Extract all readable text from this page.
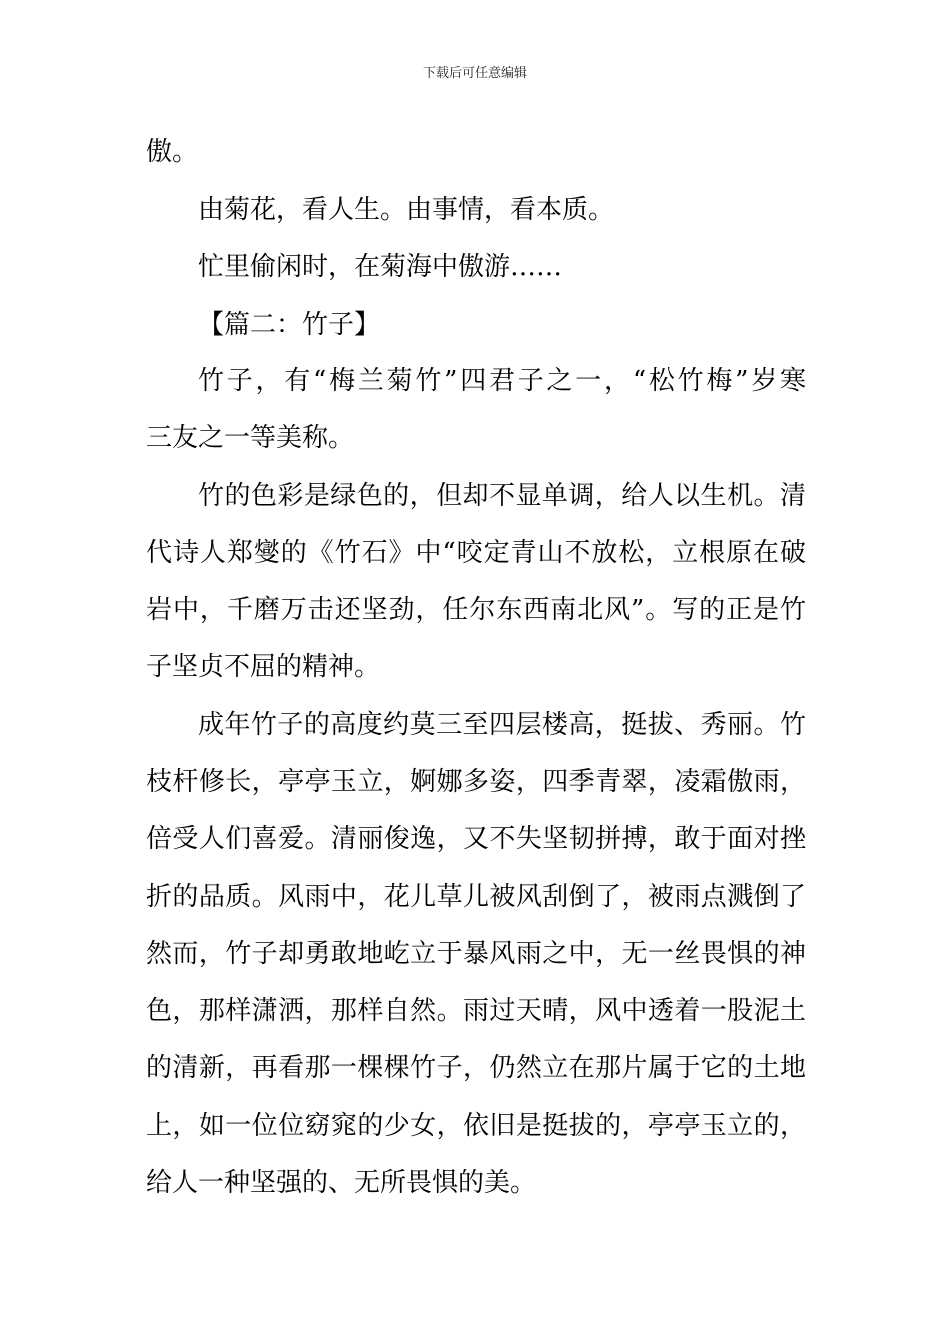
下载后可任意编辑
傲。
由菊花，看人生。由事情，看本质。
忙里偷闲时，在菊海中傲游……
【篇二：竹子】
竹子，有“梅兰菊竹”四君子之一，“松竹梅”岁寒
三友之一等美称。
竹的色彩是绿色的，但却不显单调，给人以生机。清
代诗人郑燮的《竹石》中“咬定青山不放松，立根原在破
岩中，千磨万击还坚劲，任尔东西南北风”。写的正是竹
子坚贞不屈的精神。
成年竹子的高度约莫三至四层楼高，挺拔、秀丽。竹
枝杆修长，亭亭玉立，婀娜多姿，四季青翠，凌霜傲雨，
倍受人们喜爱。清丽俊逸，又不失坚韧拼搏，敢于面对挫
折的品质。风雨中，花儿草儿被风刮倒了，被雨点溅倒了
然而，竹子却勇敢地屹立于暴风雨之中，无一丝畏惧的神
色，那样潇洒，那样自然。雨过天晴，风中透着一股泥土
的清新，再看那一棵棵竹子，仍然立在那片属于它的土地
上，如一位位窈窕的少女，依旧是挺拔的，亭亭玉立的，
给人一种坚强的、无所畏惧的美。
